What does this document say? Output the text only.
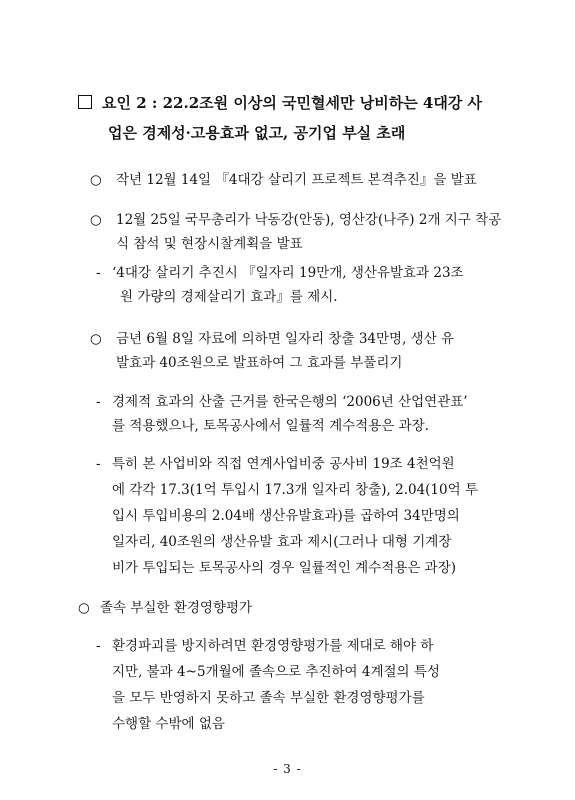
요인 2 : 22.2조원 이상의 국민혈세만 낭비하는 4대강 사
업은 경제성·고용효과 없고, 공기업 부실 초래
○ 작년 12월 14일 『4대강 살리기 프로젝트 본격추진』을 발표
○ 12월 25일 국무총리가 낙동강(안동), 영산강(나주) 2개 지구 착공
식 참석 및 현장시찰계획을 발표
- ‘4대강 살리기 추진시 『일자리 19만개, 생산유발효과 23조
원 가량의 경제살리기 효과』를 제시.
○ 금년 6월 8일 자료에 의하면 일자리 창출 34만명, 생산 유
발효과 40조원으로 발표하여 그 효과를 부풀리기
- 경제적 효과의 산출 근거를 한국은행의 ‘2006년 산업연관표’
를 적용했으나, 토목공사에서 일률적 계수적용은 과장.
- 특히 본 사업비와 직접 연계사업비중 공사비 19조 4천억원
에 각각 17.3(1억 투입시 17.3개 일자리 창출), 2.04(10억 투
입시 투입비용의 2.04배 생산유발효과)를 곱하여 34만명의
일자리, 40조원의 생산유발 효과 제시(그러나 대형 기계장
비가 투입되는 토목공사의 경우 일률적인 계수적용은 과장)
○ 졸속 부실한 환경영향평가
- 환경파괴를 방지하려면 환경영향평가를 제대로 해야 하
지만, 불과 4~5개월에 졸속으로 추진하여 4계절의 특성
을 모두 반영하지 못하고 졸속 부실한 환경영향평가를
수행할 수밖에 없음
- 3 -
